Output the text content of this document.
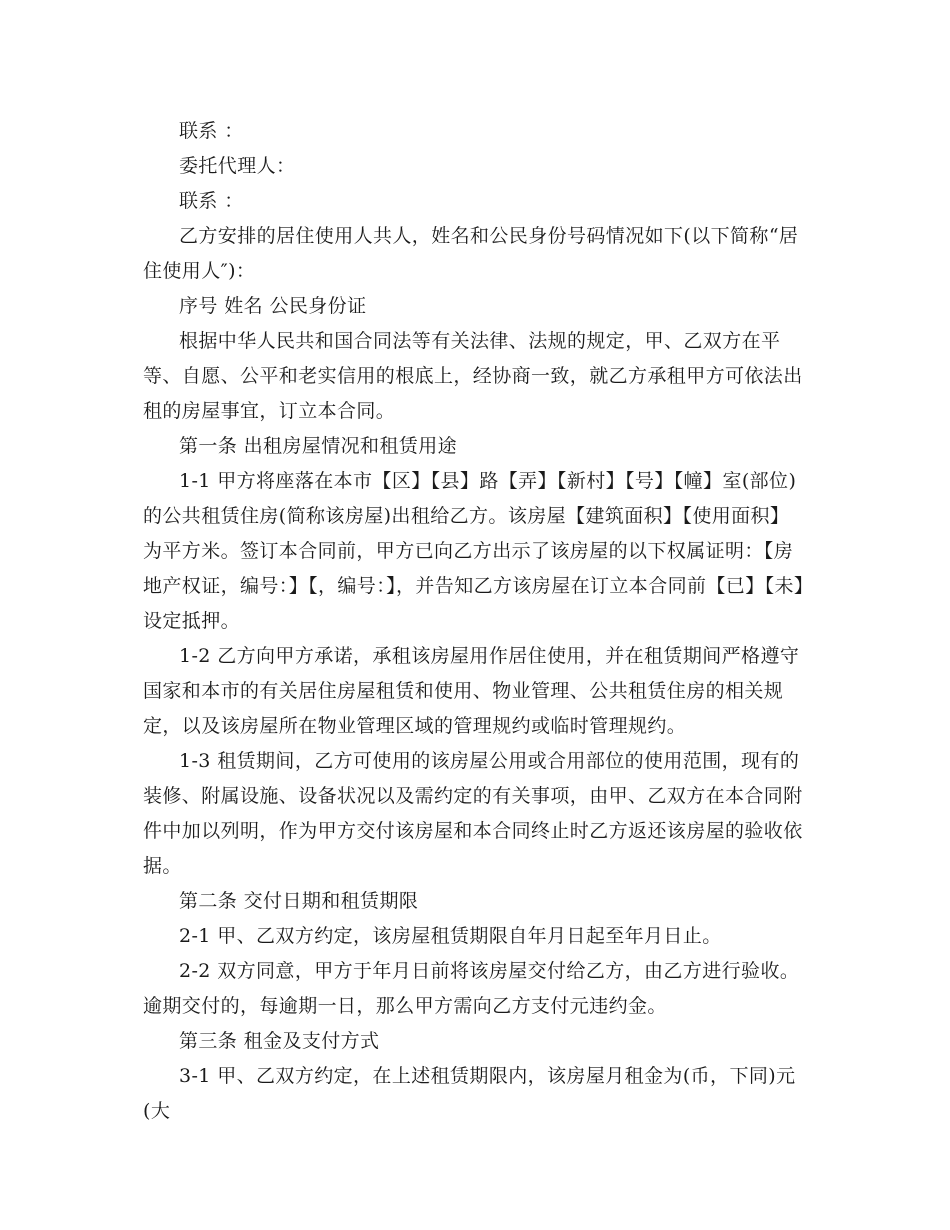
联系 ：

委托代理人：

联系 ：

乙方安排的居住使用人共人，姓名和公民身份号码情况如下(以下简称“居住使用人″)：

序号 姓名 公民身份证

根据中华人民共和国合同法等有关法律、法规的规定，甲、乙双方在平等、自愿、公平和老实信用的根底上，经协商一致，就乙方承租甲方可依法出租的房屋事宜，订立本合同。

第一条 出租房屋情况和租赁用途

1-1 甲方将座落在本市【区】【县】路【弄】【新村】【号】【幢】室(部位)的公共租赁住房(简称该房屋)出租给乙方。该房屋【建筑面积】【使用面积】为平方米。签订本合同前，甲方已向乙方出示了该房屋的以下权属证明：【房地产权证，编号：】【，编号：】，并告知乙方该房屋在订立本合同前【已】【未】设定抵押。

1-2 乙方向甲方承诺，承租该房屋用作居住使用，并在租赁期间严格遵守国家和本市的有关居住房屋租赁和使用、物业管理、公共租赁住房的相关规定，以及该房屋所在物业管理区域的管理规约或临时管理规约。

1-3 租赁期间，乙方可使用的该房屋公用或合用部位的使用范围，现有的装修、附属设施、设备状况以及需约定的有关事项，由甲、乙双方在本合同附件中加以列明，作为甲方交付该房屋和本合同终止时乙方返还该房屋的验收依据。

第二条 交付日期和租赁期限

2-1 甲、乙双方约定，该房屋租赁期限自年月日起至年月日止。

2-2 双方同意，甲方于年月日前将该房屋交付给乙方，由乙方进行验收。逾期交付的，每逾期一日，那么甲方需向乙方支付元违约金。

第三条 租金及支付方式

3-1 甲、乙双方约定，在上述租赁期限内，该房屋月租金为(币，下同)元(大
